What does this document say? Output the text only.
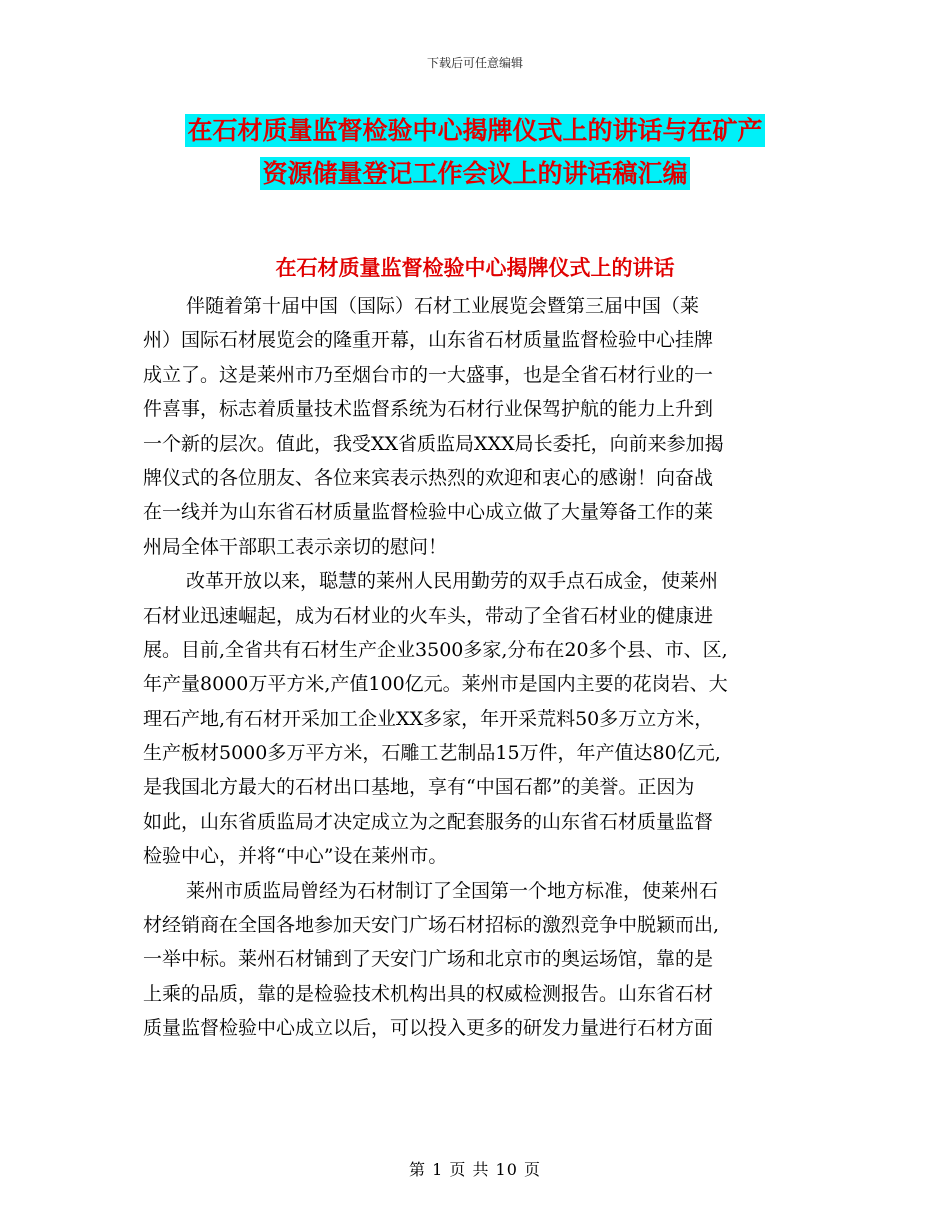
下载后可任意编辑
在石材质量监督检验中心揭牌仪式上的讲话与在矿产
资源储量登记工作会议上的讲话稿汇编
在石材质量监督检验中心揭牌仪式上的讲话
伴随着第十届中国（国际）石材工业展览会暨第三届中国（莱
州）国际石材展览会的隆重开幕，山东省石材质量监督检验中心挂牌
成立了。这是莱州市乃至烟台市的一大盛事，也是全省石材行业的一
件喜事，标志着质量技术监督系统为石材行业保驾护航的能力上升到
一个新的层次。值此，我受XX省质监局XXX局长委托，向前来参加揭
牌仪式的各位朋友、各位来宾表示热烈的欢迎和衷心的感谢！向奋战
在一线并为山东省石材质量监督检验中心成立做了大量筹备工作的莱
州局全体干部职工表示亲切的慰问！
改革开放以来，聪慧的莱州人民用勤劳的双手点石成金，使莱州
石材业迅速崛起，成为石材业的火车头，带动了全省石材业的健康进
展。目前,全省共有石材生产企业3500多家,分布在20多个县、市、区,
年产量8000万平方米,产值100亿元。莱州市是国内主要的花岗岩、大
理石产地,有石材开采加工企业XX多家，年开采荒料50多万立方米，
生产板材5000多万平方米，石雕工艺制品15万件，年产值达80亿元,
是我国北方最大的石材出口基地，享有“中国石都”的美誉。正因为
如此，山东省质监局才决定成立为之配套服务的山东省石材质量监督
检验中心，并将“中心”设在莱州市。
莱州市质监局曾经为石材制订了全国第一个地方标准，使莱州石
材经销商在全国各地参加天安门广场石材招标的激烈竞争中脱颖而出,
一举中标。莱州石材铺到了天安门广场和北京市的奥运场馆，靠的是
上乘的品质，靠的是检验技术机构出具的权威检测报告。山东省石材
质量监督检验中心成立以后，可以投入更多的研发力量进行石材方面
第 1 页 共 10 页
